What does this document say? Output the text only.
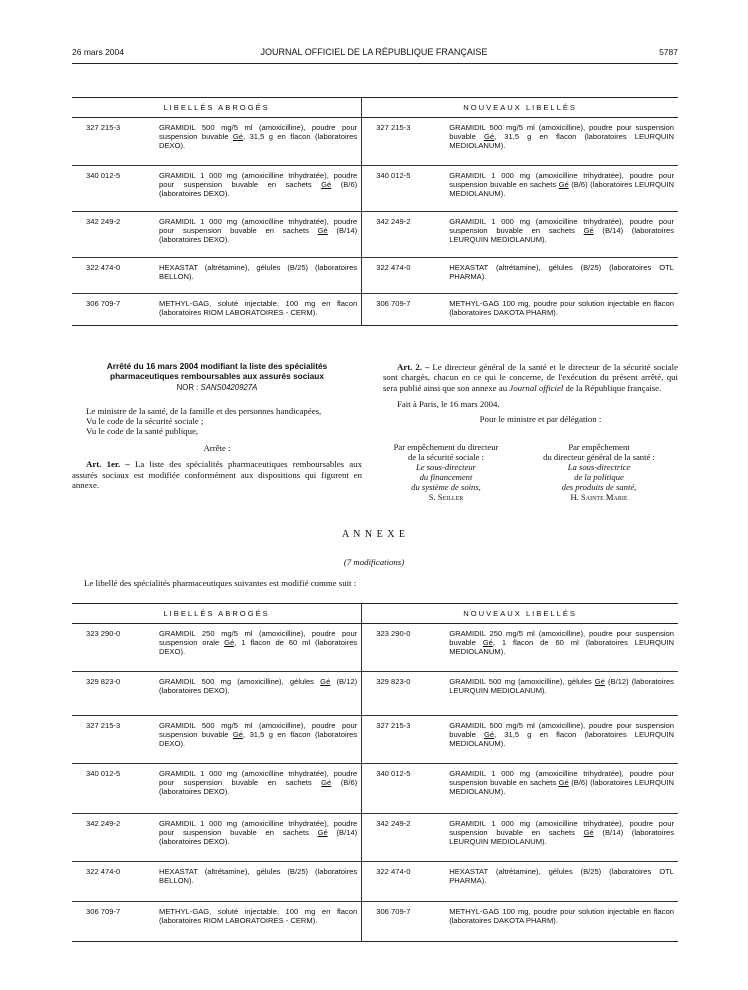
26 mars 2004	JOURNAL OFFICIEL DE LA RÉPUBLIQUE FRANÇAISE	5787
LIBELLÉS ABROGÉS		NOUVEAUX LIBELLÉS	
327 215-3	GRAMIDIL 500 mg/5 ml (amoxicilline), poudre pour suspension buvable Gé, 31,5 g en flacon (laboratoires DEXO).	327 215-3	GRAMIDIL 500 mg/5 ml (amoxicilline), poudre pour suspension buvable Gé, 31,5 g en flacon (laboratoires LEURQUIN MEDIOLANUM).
340 012-5	GRAMIDIL 1 000 mg (amoxicilline trihydratée), poudre pour suspension buvable en sachets Gé (B/6) (laboratoires DEXO).	340 012-5	GRAMIDIL 1 000 mg (amoxicilline trihydratée), poudre pour suspension buvable en sachets Gé (B/6) (laboratoires LEURQUIN MEDIOLANUM).
342 249-2	GRAMIDIL 1 000 mg (amoxicilline trihydratée), poudre pour suspension buvable en sachets Gé (B/14) (laboratoires DEXO).	342 249-2	GRAMIDIL 1 000 mg (amoxicilline trihydratée), poudre pour suspension buvable en sachets Gé (B/14) (laboratoires LEURQUIN MEDIOLANUM).
322 474-0	HEXASTAT (altrétamine), gélules (B/25) (laboratoires BELLON).	322 474-0	HEXASTAT (altrétamine), gélules (B/25) (laboratoires OTL PHARMA).
306 709-7	METHYL-GAG, soluté injectable, 100 mg en flacon (laboratoires RIOM LABORATOIRES - CERM).	306 709-7	METHYL-GAG 100 mg, poudre pour solution injectable en flacon (laboratoires DAKOTA PHARM).
Arrêté du 16 mars 2004 modifiant la liste des spécialités pharmaceutiques remboursables aux assurés sociaux
NOR : SANS0420927A

Le ministre de la santé, de la famille et des personnes handicapées,

Vu le code de la sécurité sociale ;

Vu le code de la santé publique,

Arrête :

Art. 1er. – La liste des spécialités pharmaceutiques remboursables aux assurés sociaux est modifiée conformément aux dispositions qui figurent en annexe.

Art. 2. – Le directeur général de la santé et le directeur de la sécurité sociale sont chargés, chacun en ce qui le concerne, de l'exécution du présent arrêté, qui sera publié ainsi que son annexe au Journal officiel de la République française.

Fait à Paris, le 16 mars 2004.

Pour le ministre et par délégation :

Par empêchement du directeur
de la sécurité sociale :
Le sous-directeur
du financement
du système de soins,
S. Seiller
Par empêchement
du directeur général de la santé :
La sous-directrice
de la politique
des produits de santé,
H. Sainte Marie
A N N E X E
(7 modifications)
Le libellé des spécialités pharmaceutiques suivantes est modifié comme suit :
LIBELLÉS ABROGÉS		NOUVEAUX LIBELLÉS	
323 290-0	GRAMIDIL 250 mg/5 ml (amoxicilline), poudre pour suspension orale Gé, 1 flacon de 60 ml (laboratoires DEXO).	323 290-0	GRAMIDIL 250 mg/5 ml (amoxicilline), poudre pour suspension buvable Gé, 1 flacon de 60 ml (laboratoires LEURQUIN MEDIOLANUM).
329 823-0	GRAMIDIL 500 mg (amoxicilline), gélules Gé (B/12) (laboratoires DEXO).	329 823-0	GRAMIDIL 500 mg (amoxicilline), gélules Gé (B/12) (laboratoires LEURQUIN MEDIOLANUM).
327 215-3	GRAMIDIL 500 mg/5 ml (amoxicilline), poudre pour suspension buvable Gé, 31,5 g en flacon (laboratoires DEXO).	327 215-3	GRAMIDIL 500 mg/5 ml (amoxicilline), poudre pour suspension buvable Gé, 31,5 g en flacon (laboratoires LEURQUIN MEDIOLANUM).
340 012-5	GRAMIDIL 1 000 mg (amoxicilline trihydratée), poudre pour suspension buvable en sachets Gé (B/6) (laboratoires DEXO).	340 012-5	GRAMIDIL 1 000 mg (amoxicilline trihydratée), poudre pour suspension buvable en sachets Gé (B/6) (laboratoires LEURQUIN MEDIOLANUM).
342 249-2	GRAMIDIL 1 000 mg (amoxicilline trihydratée), poudre pour suspension buvable en sachets Gé (B/14) (laboratoires DEXO).	342 249-2	GRAMIDIL 1 000 mg (amoxicilline trihydratée), poudre pour suspension buvable en sachets Gé (B/14) (laboratoires LEURQUIN MEDIOLANUM).
322 474-0	HEXASTAT (altrétamine), gélules (B/25) (laboratoires BELLON).	322 474-0	HEXASTAT (altrétamine), gélules (B/25) (laboratoires OTL PHARMA).
306 709-7	METHYL-GAG, soluté injectable, 100 mg en flacon (laboratoires RIOM LABORATOIRES - CERM).	306 709-7	METHYL-GAG 100 mg, poudre pour solution injectable en flacon (laboratoires DAKOTA PHARM).
